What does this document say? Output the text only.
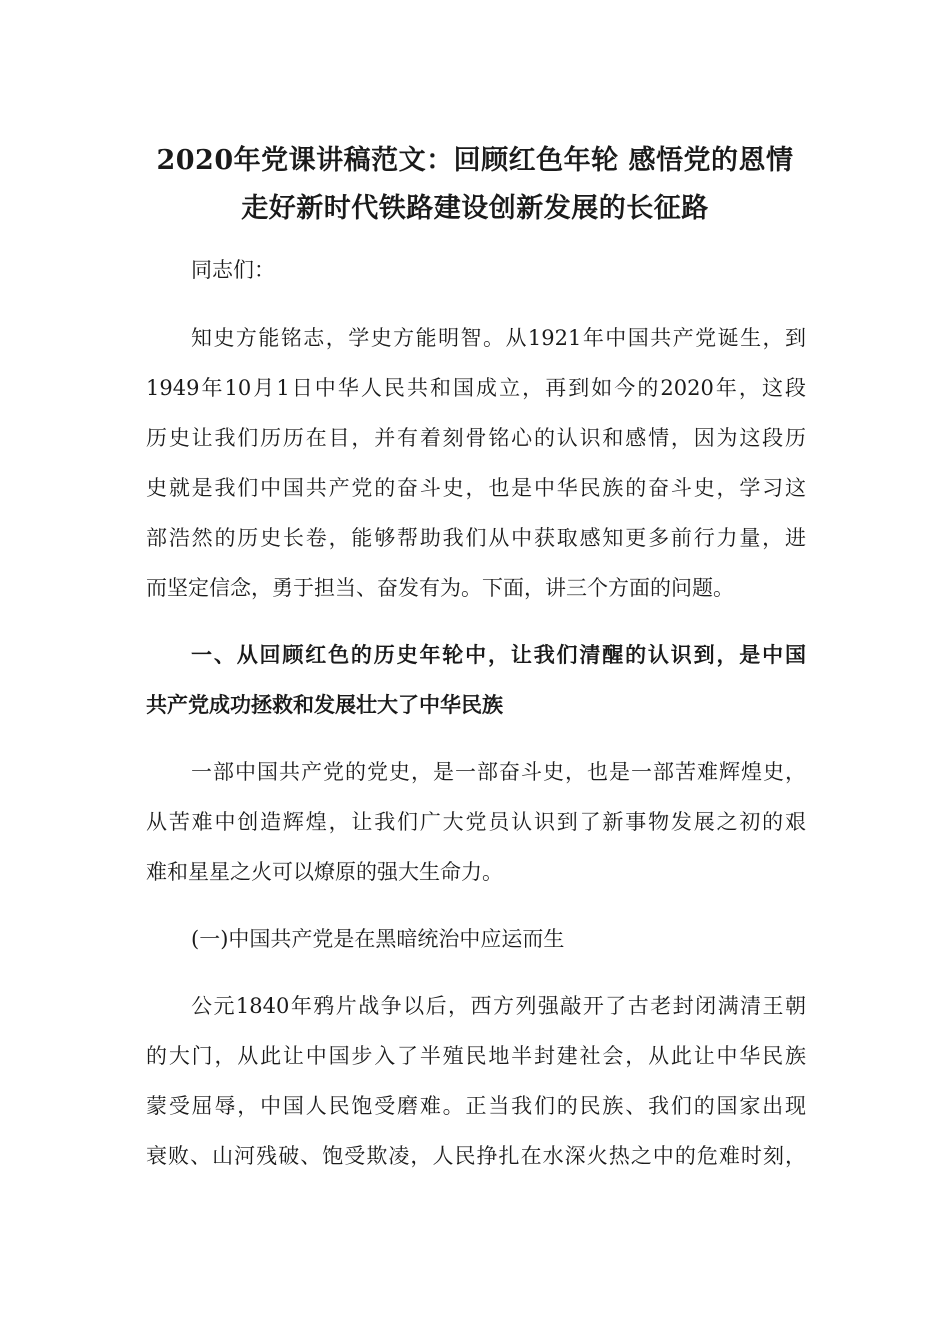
2020年党课讲稿范文：回顾红色年轮 感悟党的恩情
走好新时代铁路建设创新发展的长征路
同志们：
知史方能铭志，学史方能明智。从1921年中国共产党诞生，到
1949年10月1日中华人民共和国成立，再到如今的2020年，这段
历史让我们历历在目，并有着刻骨铭心的认识和感情，因为这段历
史就是我们中国共产党的奋斗史，也是中华民族的奋斗史，学习这
部浩然的历史长卷，能够帮助我们从中获取感知更多前行力量，进
而坚定信念，勇于担当、奋发有为。下面，讲三个方面的问题。
一、从回顾红色的历史年轮中，让我们清醒的认识到，是中国
共产党成功拯救和发展壮大了中华民族
一部中国共产党的党史，是一部奋斗史，也是一部苦难辉煌史，
从苦难中创造辉煌，让我们广大党员认识到了新事物发展之初的艰
难和星星之火可以燎原的强大生命力。
(一)中国共产党是在黑暗统治中应运而生
公元1840年鸦片战争以后，西方列强敲开了古老封闭满清王朝
的大门，从此让中国步入了半殖民地半封建社会，从此让中华民族
蒙受屈辱，中国人民饱受磨难。正当我们的民族、我们的国家出现
衰败、山河残破、饱受欺凌，人民挣扎在水深火热之中的危难时刻，
